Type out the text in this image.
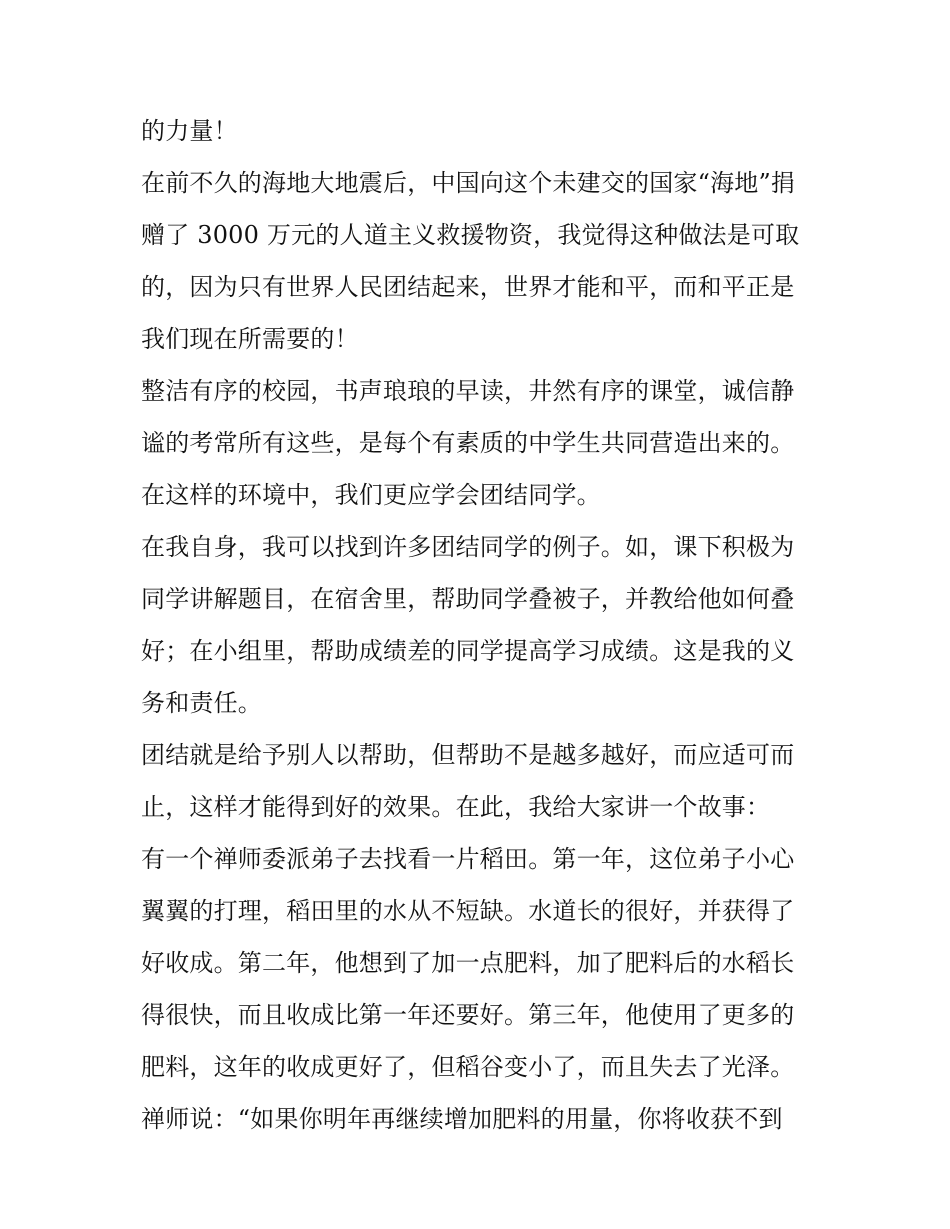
的力量！
在前不久的海地大地震后，中国向这个未建交的国家“海地”捐
赠了 3000 万元的人道主义救援物资，我觉得这种做法是可取
的，因为只有世界人民团结起来，世界才能和平，而和平正是
我们现在所需要的！
整洁有序的校园，书声琅琅的早读，井然有序的课堂，诚信静
谧的考常所有这些，是每个有素质的中学生共同营造出来的。
在这样的环境中，我们更应学会团结同学。
在我自身，我可以找到许多团结同学的例子。如，课下积极为
同学讲解题目，在宿舍里，帮助同学叠被子，并教给他如何叠
好；在小组里，帮助成绩差的同学提高学习成绩。这是我的义
务和责任。
团结就是给予别人以帮助，但帮助不是越多越好，而应适可而
止，这样才能得到好的效果。在此，我给大家讲一个故事：
有一个禅师委派弟子去找看一片稻田。第一年，这位弟子小心
翼翼的打理，稻田里的水从不短缺。水道长的很好，并获得了
好收成。第二年，他想到了加一点肥料，加了肥料后的水稻长
得很快，而且收成比第一年还要好。第三年，他使用了更多的
肥料，这年的收成更好了，但稻谷变小了，而且失去了光泽。
禅师说：“如果你明年再继续增加肥料的用量，你将收获不到
